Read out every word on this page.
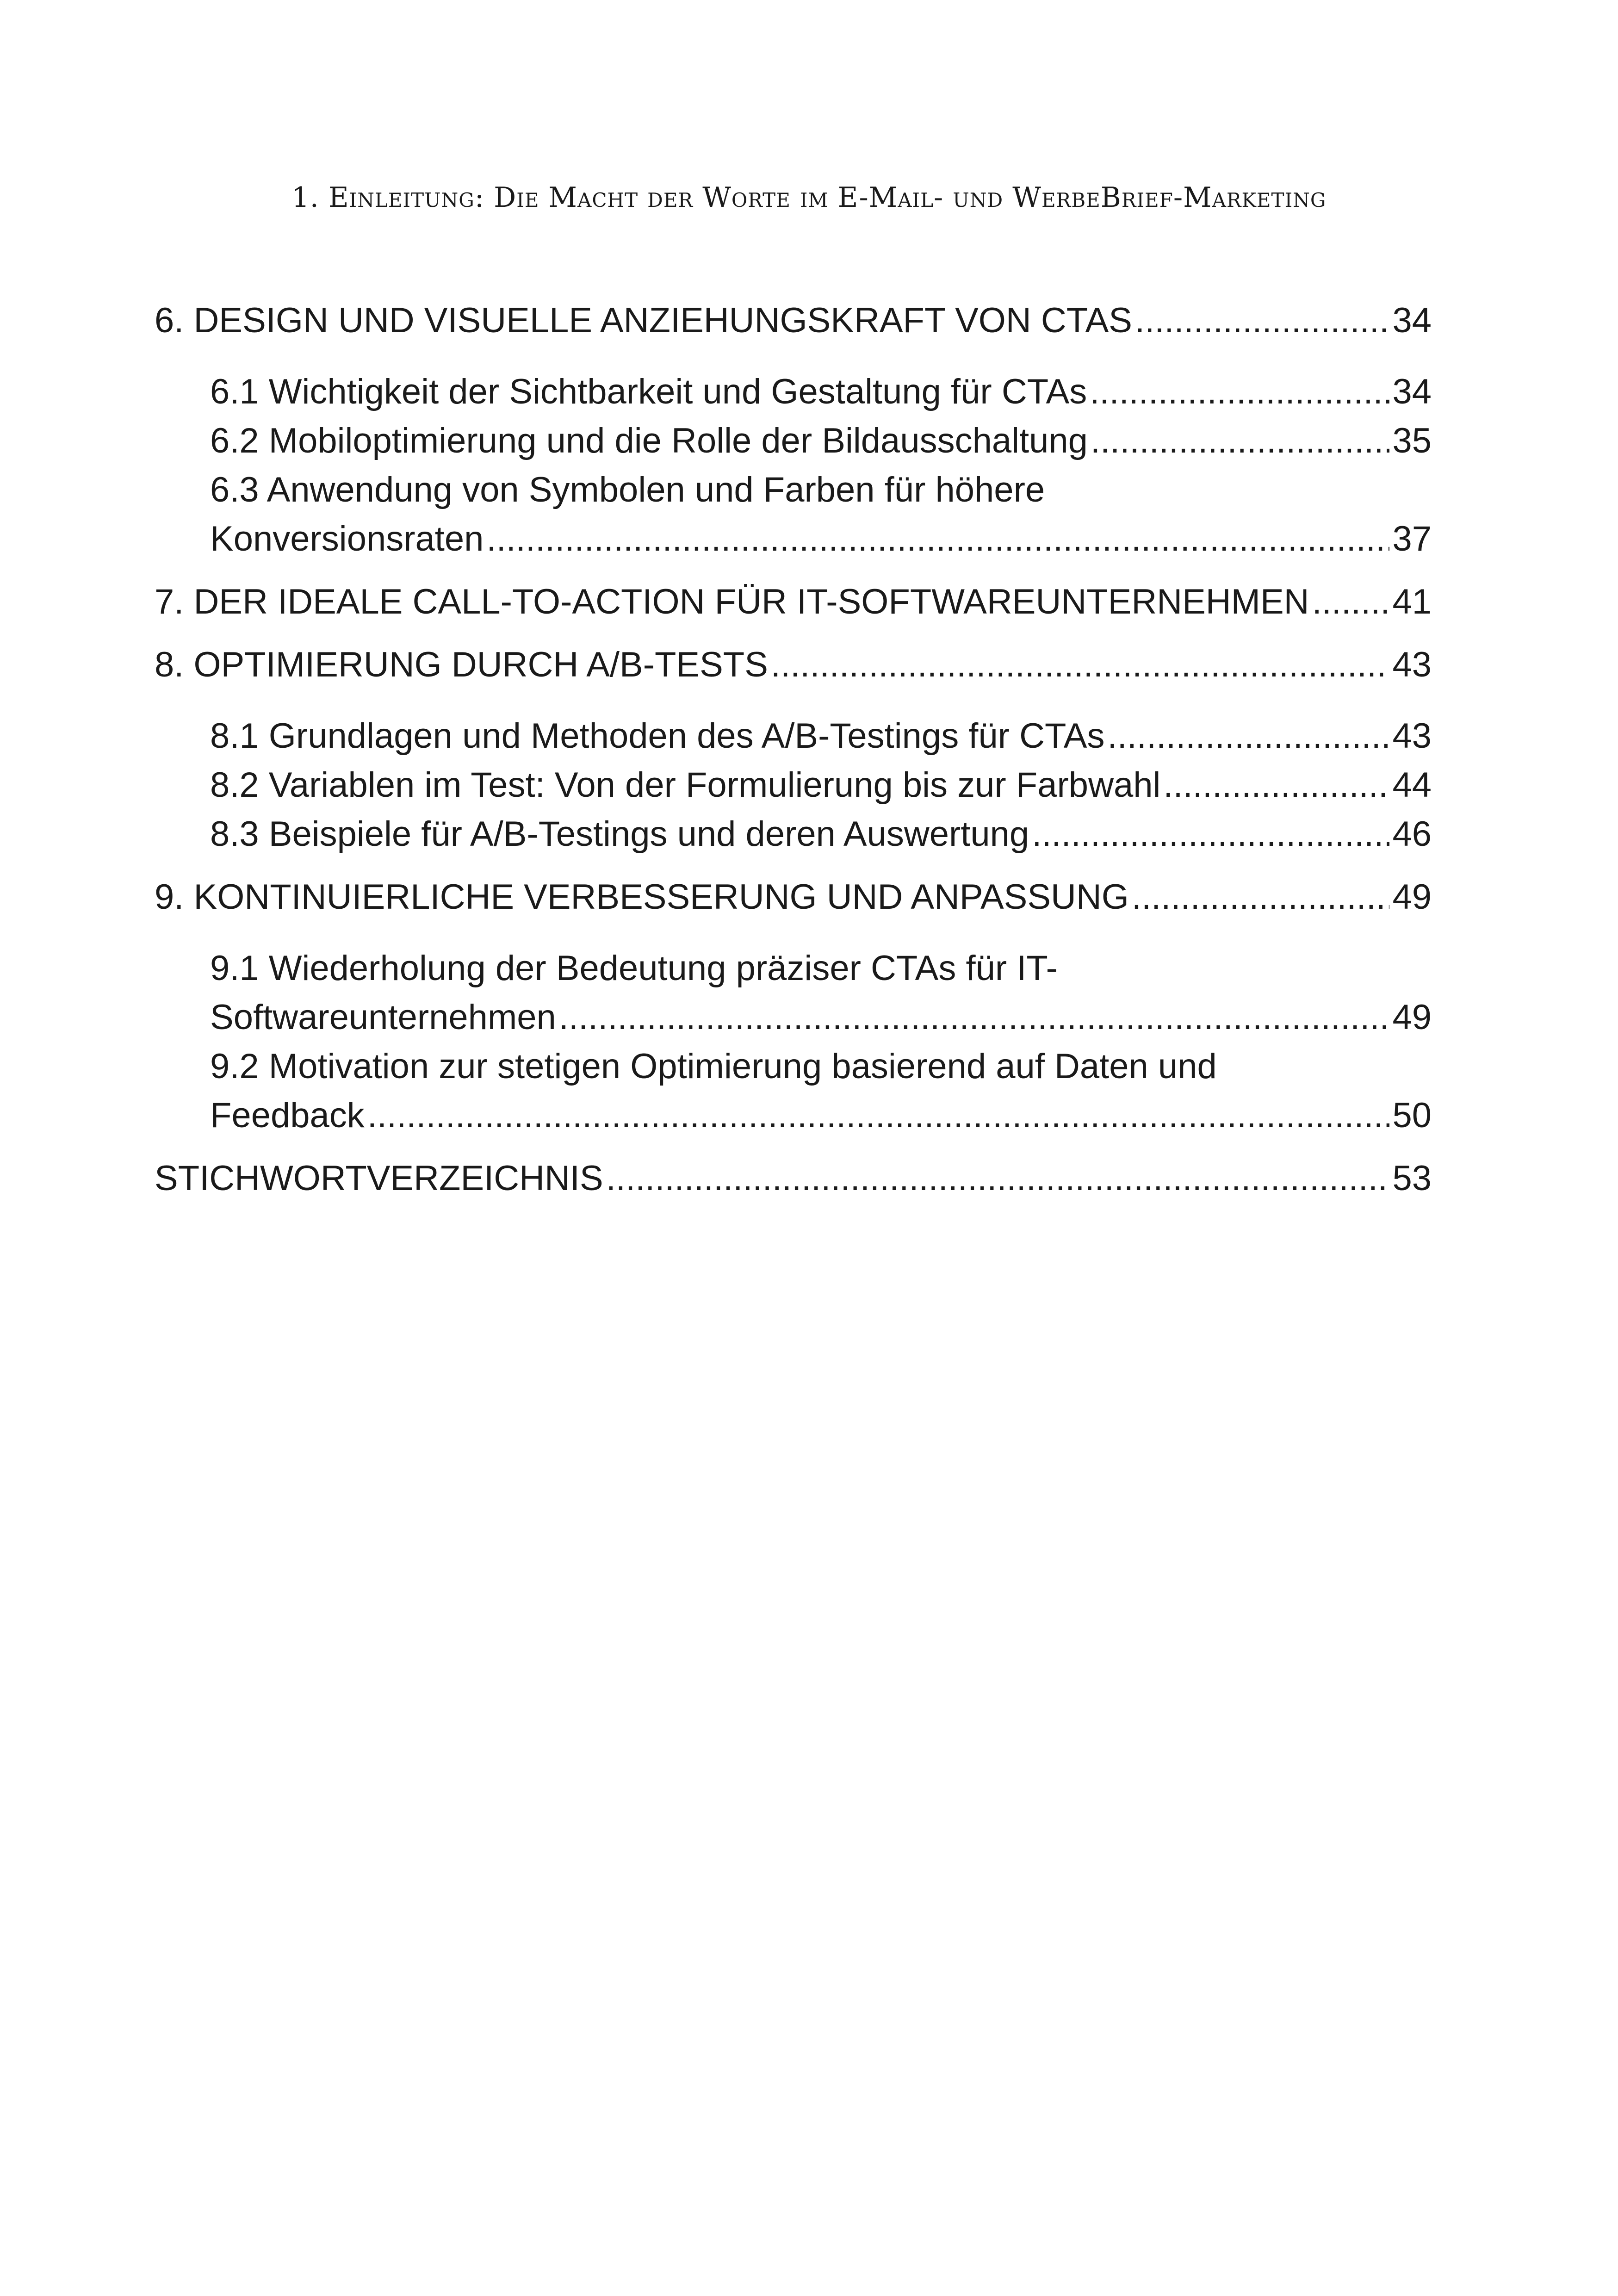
1. Einleitung: Die Macht der Worte im E-Mail- und WerbeBrief-Marketing
6. DESIGN UND VISUELLE ANZIEHUNGSKRAFT VON CTAS .....	34
6.1 Wichtigkeit der Sichtbarkeit und Gestaltung für CTAs .....	34
6.2 Mobiloptimierung und die Rolle der Bildausschaltung .....	35
6.3 Anwendung von Symbolen und Farben für höhere
Konversionsraten .....	37
7. DER IDEALE CALL-TO-ACTION FÜR IT-SOFTWAREUNTERNEHMEN ..... 41
8. OPTIMIERUNG DURCH A/B-TESTS .....	43
8.1 Grundlagen und Methoden des A/B-Testings für CTAs .....	43
8.2 Variablen im Test: Von der Formulierung bis zur Farbwahl .....	44
8.3 Beispiele für A/B-Testings und deren Auswertung .....	46
9. KONTINUIERLICHE VERBESSERUNG UND ANPASSUNG .....	49
9.1 Wiederholung der Bedeutung präziser CTAs für IT-
Softwareunternehmen .....	49
9.2 Motivation zur stetigen Optimierung basierend auf Daten und
Feedback .....	50
STICHWORTVERZEICHNIS .....	53
